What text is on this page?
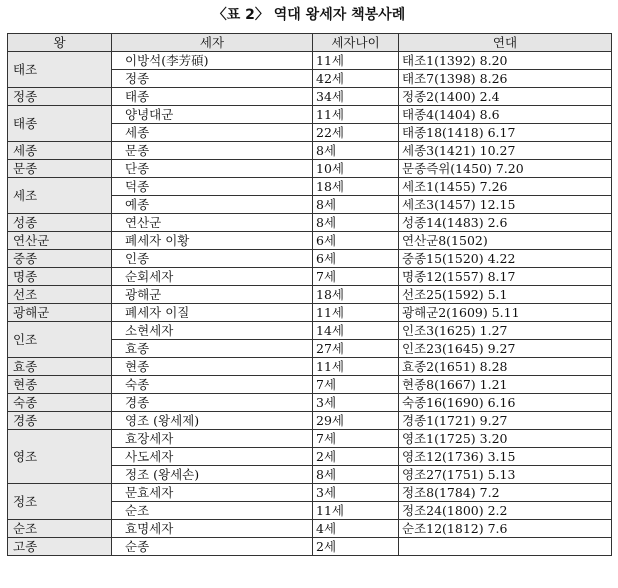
〈표 2〉 역대 왕세자 책봉사례
왕	세자	세자나이	연대
태조	이방석(李芳碩)	11세	태조1(1392) 8.20
	정종	42세	태조7(1398) 8.26
정종	태종	34세	정종2(1400) 2.4
태종	양녕대군	11세	태종4(1404) 8.6
	세종	22세	태종18(1418) 6.17
세종	문종	8세	세종3(1421) 10.27
문종	단종	10세	문종즉위(1450) 7.20
세조	덕종	18세	세조1(1455) 7.26
	예종	8세	세조3(1457) 12.15
성종	연산군	8세	성종14(1483) 2.6
연산군	폐세자 이황	6세	연산군8(1502)
중종	인종	6세	중종15(1520) 4.22
명종	순회세자	7세	명종12(1557) 8.17
선조	광해군	18세	선조25(1592) 5.1
광해군	폐세자 이질	11세	광해군2(1609) 5.11
인조	소현세자	14세	인조3(1625) 1.27
	효종	27세	인조23(1645) 9.27
효종	현종	11세	효종2(1651) 8.28
현종	숙종	7세	현종8(1667) 1.21
숙종	경종	3세	숙종16(1690) 6.16
경종	영조 (왕세제)	29세	경종1(1721) 9.27
영조	효장세자	7세	영조1(1725) 3.20
	사도세자	2세	영조12(1736) 3.15
	정조 (왕세손)	8세	영조27(1751) 5.13
정조	문효세자	3세	정조8(1784) 7.2
	순조	11세	정조24(1800) 2.2
순조	효명세자	4세	순조12(1812) 7.6
고종	순종	2세	
